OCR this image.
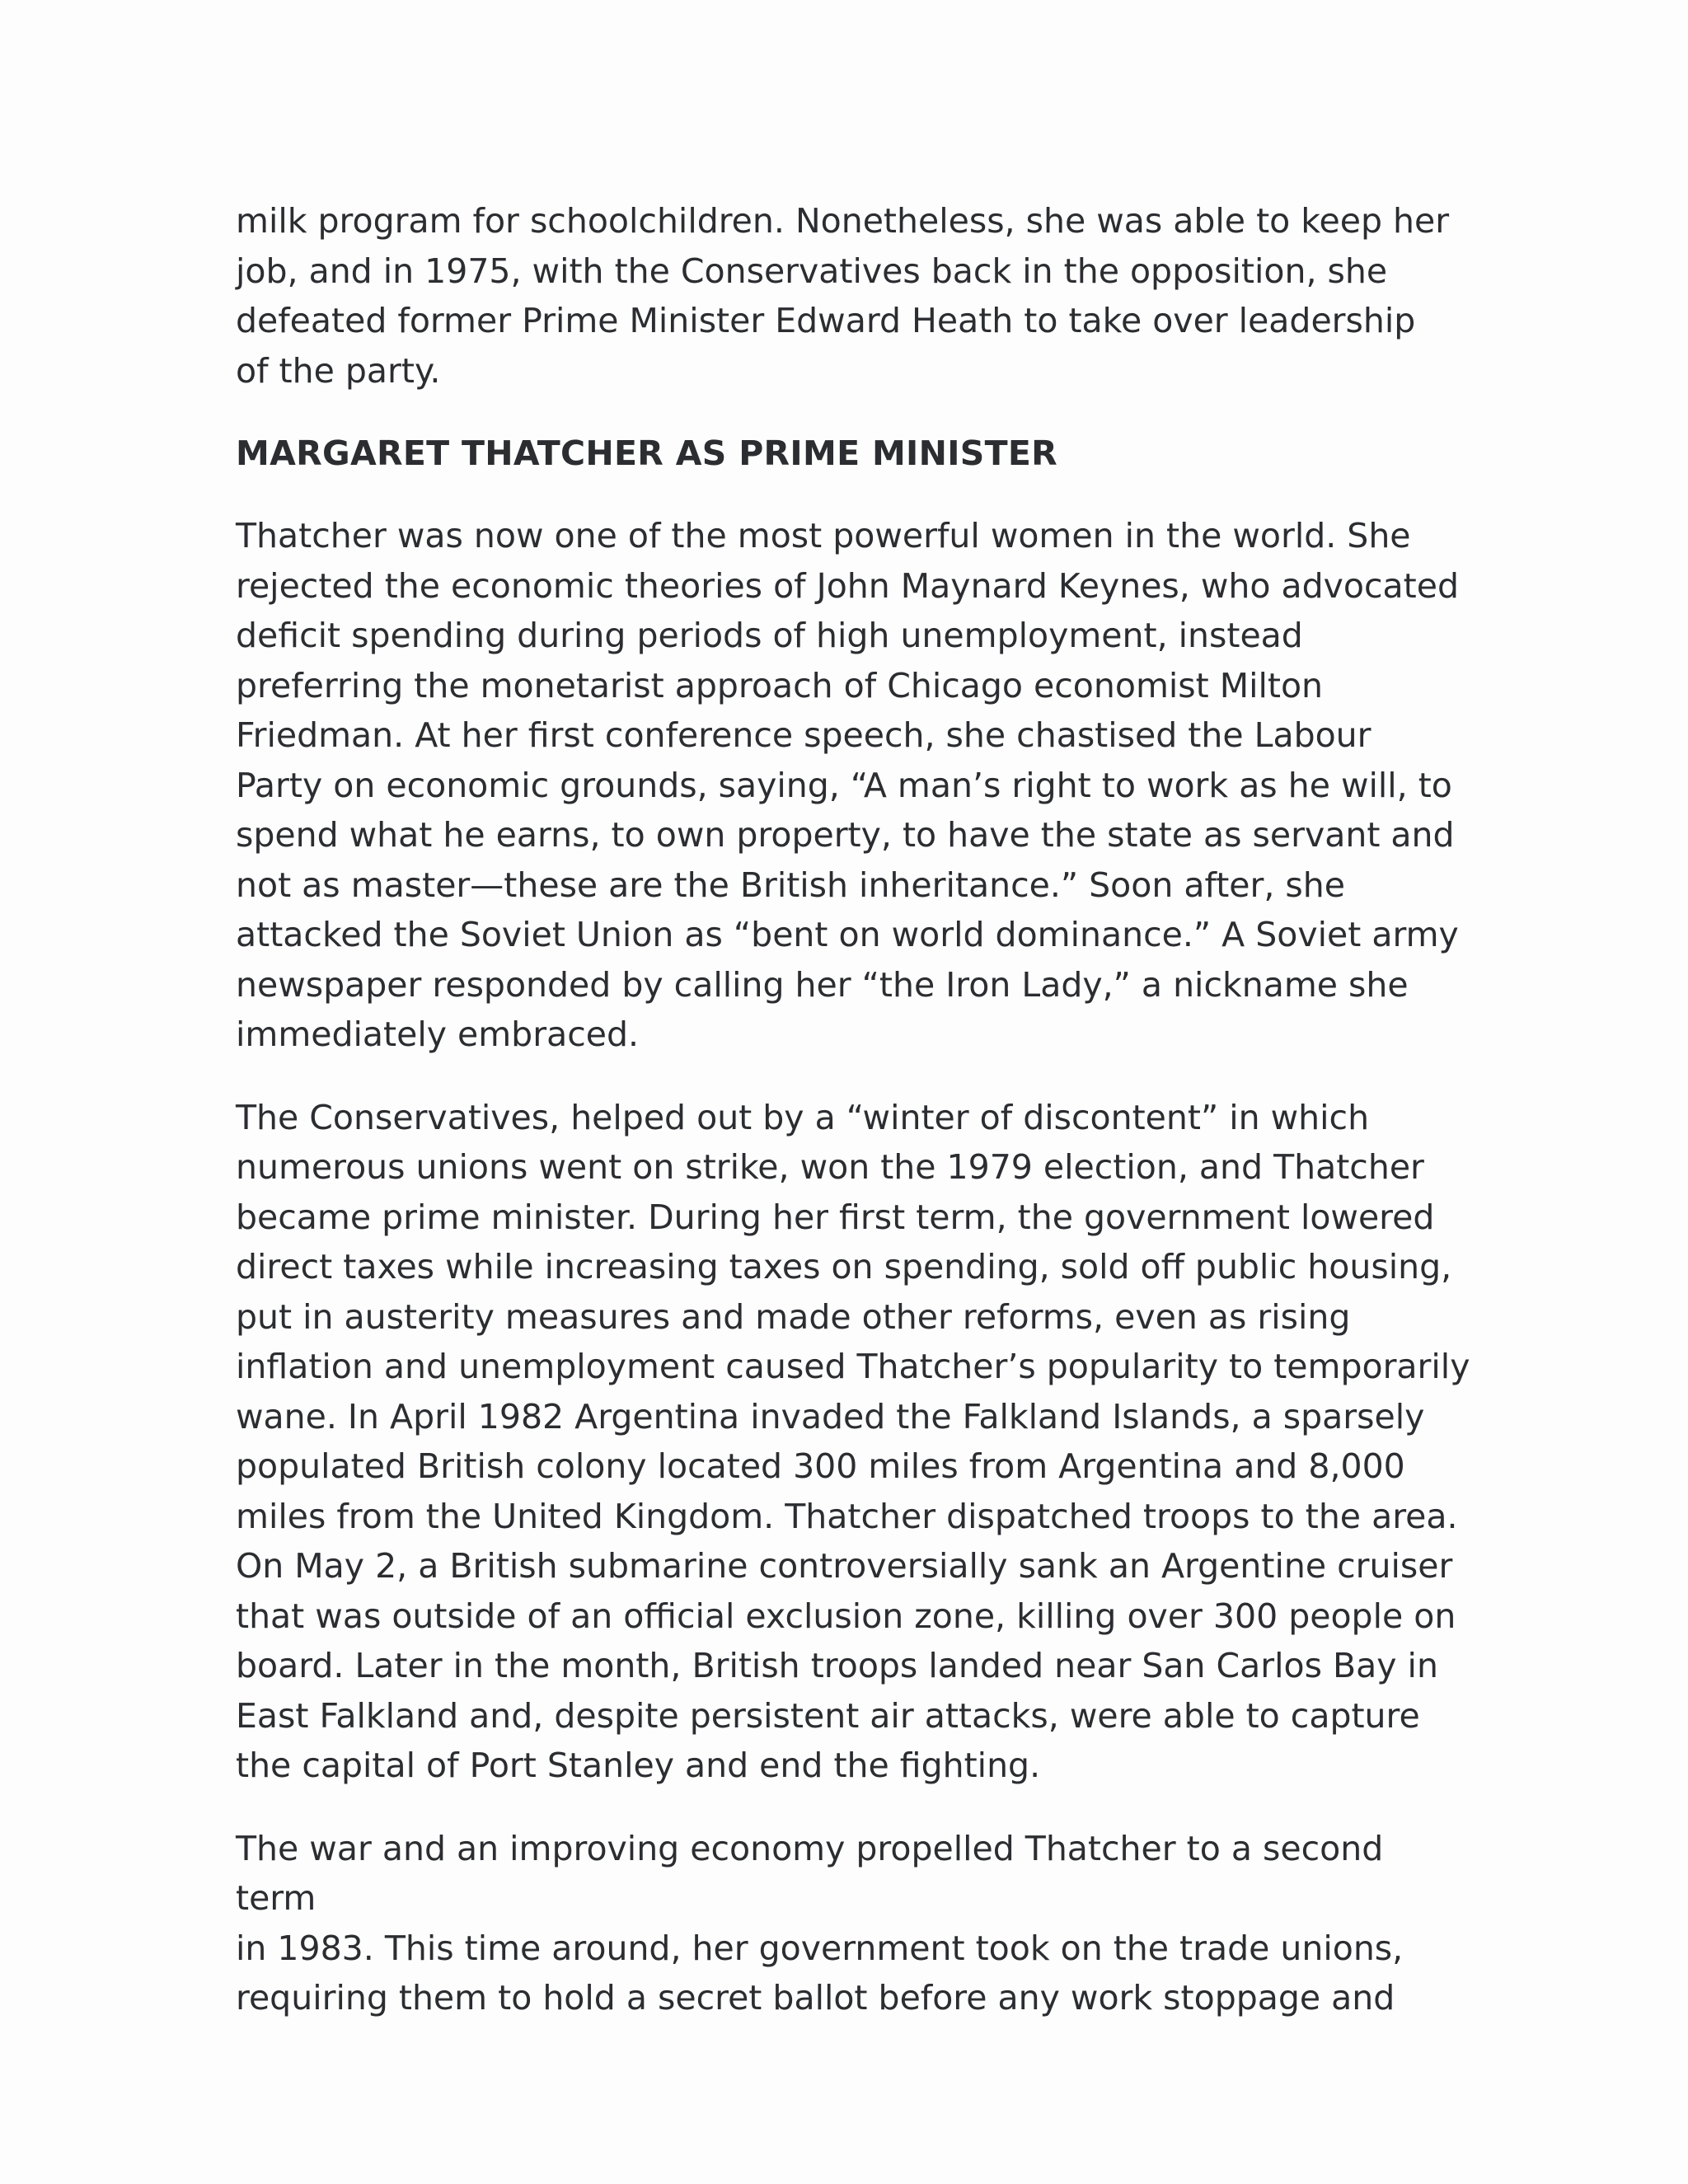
milk program for schoolchildren. Nonetheless, she was able to keep her
job, and in 1975, with the Conservatives back in the opposition, she
defeated former Prime Minister Edward Heath to take over leadership
of the party.

MARGARET THATCHER AS PRIME MINISTER

Thatcher was now one of the most powerful women in the world. She
rejected the economic theories of John Maynard Keynes, who advocated
deficit spending during periods of high unemployment, instead
preferring the monetarist approach of Chicago economist Milton
Friedman. At her first conference speech, she chastised the Labour
Party on economic grounds, saying, “A man’s right to work as he will, to
spend what he earns, to own property, to have the state as servant and
not as master—these are the British inheritance.” Soon after, she
attacked the Soviet Union as “bent on world dominance.” A Soviet army
newspaper responded by calling her “the Iron Lady,” a nickname she
immediately embraced.

The Conservatives, helped out by a “winter of discontent” in which
numerous unions went on strike, won the 1979 election, and Thatcher
became prime minister. During her first term, the government lowered
direct taxes while increasing taxes on spending, sold off public housing,
put in austerity measures and made other reforms, even as rising
inflation and unemployment caused Thatcher’s popularity to temporarily
wane. In April 1982 Argentina invaded the Falkland Islands, a sparsely
populated British colony located 300 miles from Argentina and 8,000
miles from the United Kingdom. Thatcher dispatched troops to the area.
On May 2, a British submarine controversially sank an Argentine cruiser
that was outside of an official exclusion zone, killing over 300 people on
board. Later in the month, British troops landed near San Carlos Bay in
East Falkland and, despite persistent air attacks, were able to capture
the capital of Port Stanley and end the fighting.

The war and an improving economy propelled Thatcher to a second term
in 1983. This time around, her government took on the trade unions,
requiring them to hold a secret ballot before any work stoppage and
